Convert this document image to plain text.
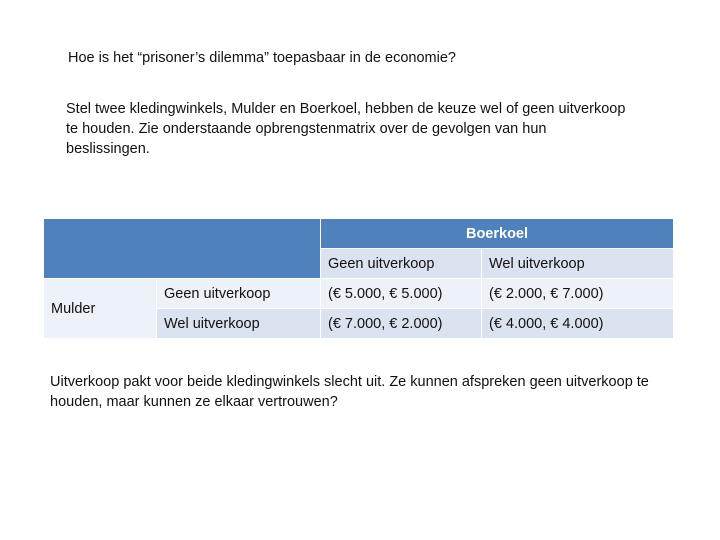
Hoe is het “prisoner’s dilemma” toepasbaar in de economie?

Stel twee kledingwinkels, Mulder en Boerkoel, hebben de keuze wel of geen uitverkoop te houden. Zie onderstaande opbrengstenmatrix over de gevolgen van hun beslissingen.

		Boerkoel	
		Geen uitverkoop	Wel uitverkoop
Mulder	Geen uitverkoop	(€ 5.000, € 5.000)	(€ 2.000, € 7.000)
	Wel uitverkoop	(€ 7.000, € 2.000)	(€ 4.000, € 4.000)

Uitverkoop pakt voor beide kledingwinkels slecht uit. Ze kunnen afspreken geen uitverkoop te houden, maar kunnen ze elkaar vertrouwen?
